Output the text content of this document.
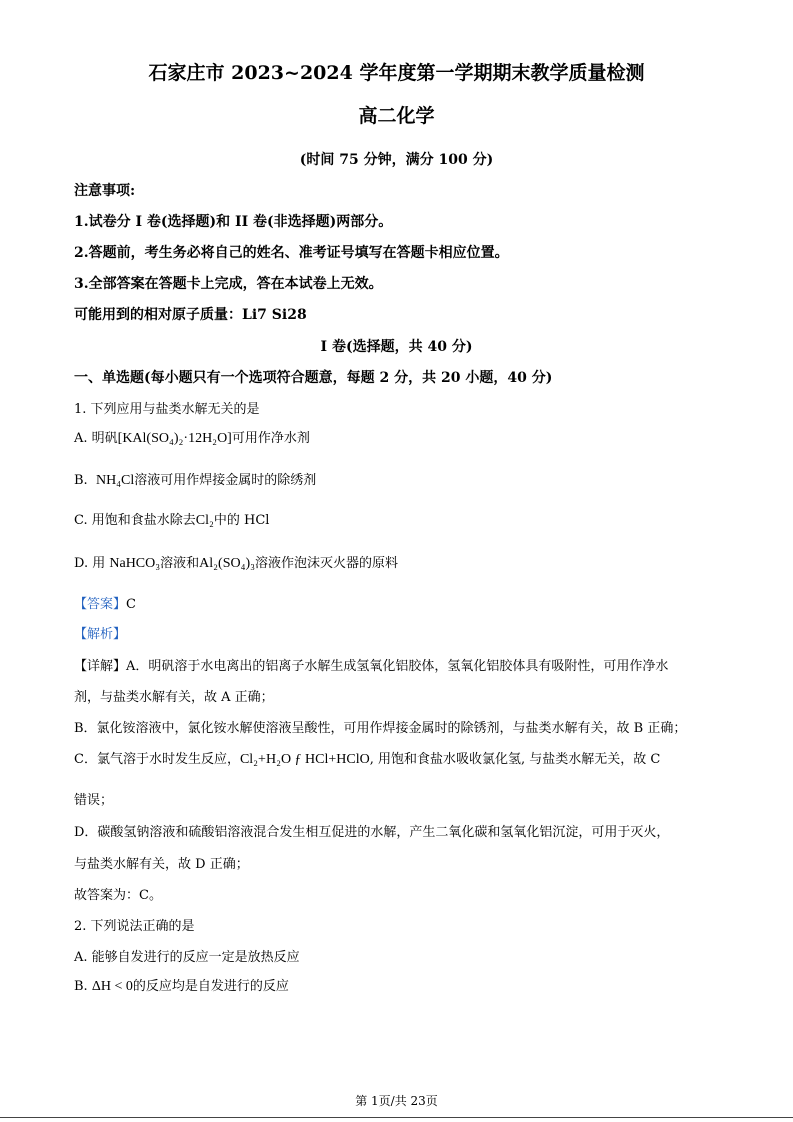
石家庄市 2023~2024 学年度第一学期期末教学质量检测
高二化学
(时间 75 分钟，满分 100 分)
注意事项:
1.试卷分 I 卷(选择题)和 II 卷(非选择题)两部分。
2.答题前，考生务必将自己的姓名、准考证号填写在答题卡相应位置。
3.全部答案在答题卡上完成，答在本试卷上无效。
可能用到的相对原子质量：Li7 Si28
I 卷(选择题，共 40 分)
一、单选题(每小题只有一个选项符合题意，每题 2 分，共 20 小题，40 分)
1. 下列应用与盐类水解无关的是
A. 明矾[KAl(SO₄)₂·12H₂O]可用作净水剂
B. NH₄Cl溶液可用作焊接金属时的除绣剂
C. 用饱和食盐水除去Cl₂中的 HCl
D. 用 NaHCO₃溶液和Al₂(SO₄)₃溶液作泡沫灭火器的原料
【答案】C
【解析】
【详解】A．明矾溶于水电离出的铝离子水解生成氢氧化铝胶体，氢氧化铝胶体具有吸附性，可用作净水
剂，与盐类水解有关，故 A 正确；
B．氯化铵溶液中，氯化铵水解使溶液呈酸性，可用作焊接金属时的除锈剂，与盐类水解有关，故 B 正确；
C．氯气溶于水时发生反应，Cl₂+H₂O ƒ HCl+HClO, 用饱和食盐水吸收氯化氢, 与盐类水解无关，故 C
错误；
D．碳酸氢钠溶液和硫酸铝溶液混合发生相互促进的水解，产生二氧化碳和氢氧化铝沉淀，可用于灭火，
与盐类水解有关，故 D 正确；
故答案为：C。
2. 下列说法正确的是
A. 能够自发进行的反应一定是放热反应
B. ΔH < 0的反应均是自发进行的反应
第 1页/共 23页
